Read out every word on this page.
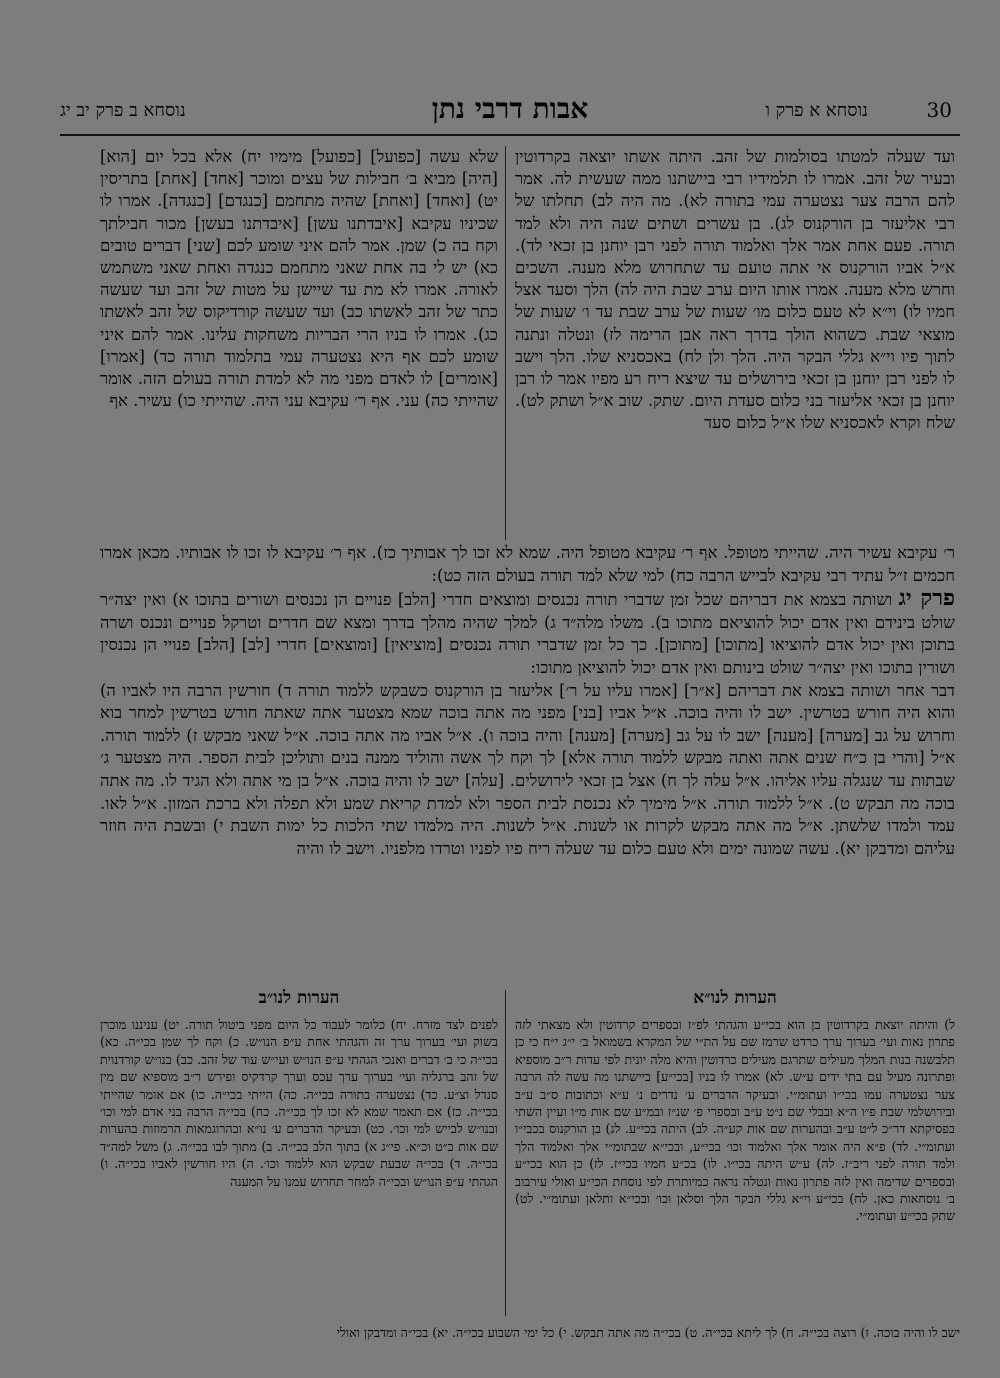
30
נוסחא א פרק ו
אבות דרבי נתן
נוסחא ב פרק יב יג

ועד שעלה למטתו בסולמות של זהב. היתה אשתו יוצאה בקרדוטין ובעיר של זהב. אמרו לו תלמידיו רבי ביישתנו ממה שעשית לה. אמר להם הרבה צער נצטערה עמי בתורה לא). מה היה לב) תחלתו של רבי אליעזר בן הורקנוס לג). בן עשרים ושתים שנה היה ולא למד תורה. פעם אחת אמר אלך ואלמוד תורה לפני רבן יוחנן בן זכאי לד). א״ל אביו הורקנוס אי אתה טועם עד שתחרוש מלא מענה. השכים וחרש מלא מענה. אמרו אותו היום ערב שבת היה לה) הלך וסעד אצל חמיו לו) וי״א לא טעם כלום מו׳ שעות של ערב שבת עד ו׳ שעות של מוצאי שבת. כשהוא הולך בדרך ראה אבן הרימה לז) ונטלה ונתנה לתוך פיו וי״א גללי הבקר היה. הלך ולן לח) באכסניא שלו. הלך וישב לו לפני רבן יוחנן בן זכאי בירושלים עד שיצא ריח רע מפיו אמר לו רבן יוחנן בן זכאי אליעזר בני כלום סעדת היום. שתק. שוב א״ל ושתק לט). שלח וקרא לאכסניא שלו א״ל כלום סעד

שלא עשה [כפועל] [כפועל] מימיו יח) אלא בכל יום [הוא] [היה] מביא ב׳ חבילות של עצים ומוכר [אחד] [אחת] בתריסין יט) [ואחד] [ואחת] שהיה מתחמם [כנגדם] [כנגדה]. אמרו לו שכיניו עקיבא [איבדתנו עשן] [איבדתנו בעשן] מכור חבילתך וקח בה כ) שמן. אמר להם איני שומע לכם [שני] דברים טובים כא) יש לי בה אחת שאני מתחמם כנגדה ואחת שאני משתמש לאורה. אמרו לא מת עד שיישן על מטות של זהב ועד שעשה כתר של זהב לאשתו כב) ועד שעשה קורדיקוס של זהב לאשתו כג). אמרו לו בניו הרי הבריות משחקות עלינו. אמר להם איני שומע לכם אף היא נצטערה עמי בתלמוד תורה כד) [אמרו] [אומרים] לו לאדם מפני מה לא למדת תורה בעולם הזה. אומר שהייתי כה) עני. אף ר׳ עקיבא עני היה. שהייתי כו) עשיר. אף

ר׳ עקיבא עשיר היה. שהייתי מטופל. אף ר׳ עקיבא מטופל היה. שמא לא זכו לך אבותיך כז). אף ר׳ עקיבא לו זכו לו אבותיו. מכאן אמרו חכמים ז״ל עתיד רבי עקיבא לבייש הרבה כח) למי שלא למד תורה בעולם הזה כט):

פרק יג ושותה בצמא את דבריהם שכל זמן שדברי תורה נכנסים ומוצאים חדרי [הלב] פנויים הן נכנסים ושורים בתוכו א) ואין יצה״ר שולט בינידם ואין אדם יכול להוציאם מתוכו ב). משלו מלה״ד ג) למלך שהיה מהלך בדרך ומצא שם חדרים וטרקל פנויים ונכנס ושרה בתוכן ואין יכול אדם להוציאו [מתוכו] [מתוכן]. כך כל זמן שדברי תורה נכנסים [מוציאין] [ומוצאים] חדרי [לב] [הלב] פנויי הן נכנסין ושורין בתוכו ואין יצה״ר שולט בינותם ואין אדם יכול להוציאן מתוכו:

דבר אחר ושותה בצמא את דבריהם [א״ר] [אמרו עליו על ר׳] אליעזר בן הורקנוס כשבקש ללמוד תורה ד) חורשין הרבה היו לאביו ה) והוא היה חורש בטרשין. ישב לו והיה בוכה. א״ל אביו [בני] מפני מה אתה בוכה שמא מצטער אתה שאתה חורש בטרשין למחר בוא וחרוש על גב [מערה] [מענה] ישב לו על גב [מערה] [מענה] והיה בוכה ו). א״ל אביו מה אתה בוכה. א״ל שאני מבקש ז) ללמוד תורה. א״ל [והרי בן כ״ח שנים אתה ואתה מבקש ללמוד תורה אלא] לך וקח לך אשה והוליד ממנה בנים ותוליכן לבית הספר. היה מצטער ג׳ שבתות עד שנגלה עליו אליהו. א״ל עלה לך ח) אצל בן זכאי לירושלים. [עלה] ישב לו והיה בוכה. א״ל בן מי אתה ולא הגיד לו. מה אתה בוכה מה תבקש ט). א״ל ללמוד תורה. א״ל מימיך לא נכנסת לבית הספר ולא למדת קריאת שמע ולא תפלה ולא ברכת המזון. א״ל לאו. עמד ולמדו שלשתן. א״ל מה אתה מבקש לקרות או לשנות. א״ל לשנות. היה מלמדו שתי הלכות כל ימות השבת י) ובשבת היה חוזר עליהם ומדבקן יא). עשה שמונה ימים ולא טעם כלום עד שעלה ריח פיו לפניו וטרדו מלפניו. וישב לו והיה

הערות לנו״א

ל) והיתה יוצאת בקרדוטין בן הוא בכי״ע והגהתי לפ״ז ובספרים קרדוטין ולא מצאתי לזה פתרון נאות ועי׳ בערוך ערך כרדט שרמז שם על הת״י של המקרא בשמואל ב׳ י״ג י״ח כי כן תלבשנה בנות המלך מעילים שתרגם מעילים כרדוטין והיא מלה יונית לפי עדות ר״ב מוספיא ופתרונה מעיל עם בתי ידים ע״ש. לא) אמרו לו בניו [בכי״ע] ביישתנו מה עשה לה הרבה צער נצטערה עמו בכי״ו ועתומ״י. ובעיקר הדברים ע׳ נדרים נ׳ ע״א וכתובות ס״ב ע״ב ובירושלמי שבת פ״ו ה״א ובבלי שם נ״ט ע״ב ובספרי פ׳ שנ״ז ובמ״ע שם אות מ״ו ועיין השתי בפסיקתא דר״כ ל״ט ע״ב ובהערות שם אות קע״ה. לב) היתה בכי״ע. לג) בן הורקנוס בכבי״ו ועתומ״י. לד) פ״א היה אומר אלך ואלמוד וכו׳ בכי״ע, ובכי״א שבתומ״י אלך ואלמוד הלך ולמד תורה לפני ריב״ז. לה) ע״ש היתה בכי״ו. לו) בכ״ע חמיו בכי״ז. לז) כן הוא בכי״ע ובספרים שדימה ואין לזה פתרון נאות ונטלה נראה כמיותרת לפי נוסחת הכי״ע ואולי עירבוב ב׳ נוסחאות כאן. לח) בכי״ע וי״א גללי הבקר הלך וסלאן וכו׳ ובכי״א ותלאן ועתומ״י. לט) שתק בכי״ע ועתומ״י.

הערות לנו״ב

לפנים לצד מזרח. יח) כלומר לעבוד כל היום מפני ביטול תורה. יט) עניננו מוכרן בשוק ועי׳ בערוך ערך זה והגהתי אחת ע״פ הנו״ש. כ) וקח לך שמן בכי״ה. כא) בכי״ה כי ב׳ דברים ואנכי הגהתי ע״פ הנו״ש ועי״ש עוד של זהב. כב) בנו״ש קורדנוית של זהב ברגליה ועי׳ בערוך ערך עכס וערך קרדקיס ופירש ר״ב מוספיא שם מין סנדל וצ״ע. כד) נצטערה בתורה בכי״ה. כה) הייתי בכי״ה. כו) אם אומר שהייתי בכי״ה. כז) אם תאמר שמא לא זכו לך בכי״ה. כח) בכי״ה הרבה בני אדם למי וכו׳ ובנו״ש לבייש למי וכו׳. כט) ובעיקר הדברים ע׳ נו״א ובהרוגמאות הרמוזות בהערות שם אות כ״ט וכ״א. פי״ג א) בתוך הלב בכי״ה. ב) מתוך לבו בכי״ה. ג) משל למה״ד בכי״ה. ד) בכי״ה שבעת שבקש הוא ללמוד וכו׳. ה) היו חורשין לאביו בכי״ה. ו) הגהתי ע״פ הנו״ש ובכי״ה למחר תחרוש עמנו על המענה

ישב לו והיה בוכה. ז) רוצה בכי״ה. ח) לך ליתא בכי״ה. ט) בכי״ה מה אתה תבקש. י) כל ימי השבוע בכי״ה. יא) בכי״ה ומדבקן ואולי
